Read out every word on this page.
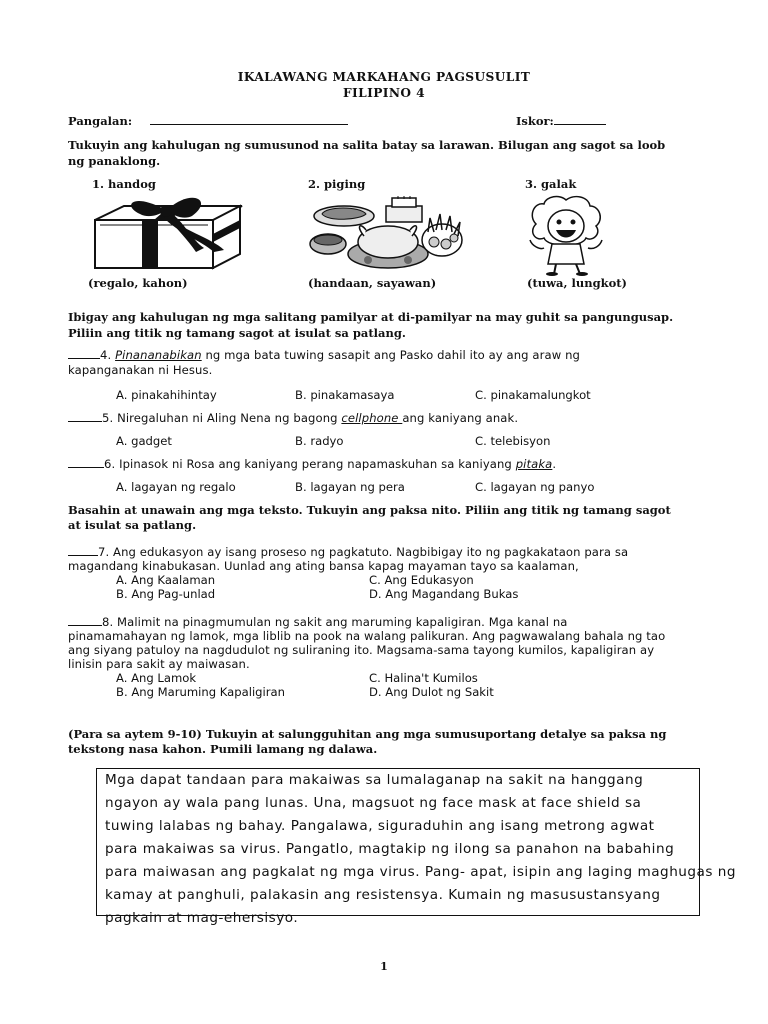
IKALAWANG MARKAHANG PAGSUSULIT
FILIPINO 4
Pangalan:	Iskor:
Tukuyin ang kahulugan ng sumusunod na salita batay sa larawan. Bilugan ang sagot sa loob
ng panaklong.
1. handog	2. piging	3. galak
(regalo, kahon)	(handaan, sayawan)	(tuwa, lungkot)
Ibigay ang kahulugan ng mga salitang pamilyar at di-pamilyar na may guhit sa pangungusap.
Piliin ang titik ng tamang sagot at isulat sa patlang.
4. Pinananabikan ng mga bata tuwing sasapit ang Pasko dahil ito ay ang araw ng
kapanganakan ni Hesus.
A. pinakahihintay	B. pinakamasaya	C. pinakamalungkot
5. Niregaluhan ni Aling Nena ng bagong cellphone ang kaniyang anak.
A. gadget	B. radyo	C. telebisyon
6. Ipinasok ni Rosa ang kaniyang perang napamaskuhan sa kaniyang pitaka.
A. lagayan ng regalo	B. lagayan ng pera	C. lagayan ng panyo
Basahin at unawain ang mga teksto. Tukuyin ang paksa nito. Piliin ang titik ng tamang sagot
at isulat sa patlang.
7. Ang edukasyon ay isang proseso ng pagkatuto. Nagbibigay ito ng pagkakataon para sa
magandang kinabukasan. Uunlad ang ating bansa kapag mayaman tayo sa kaalaman,
A. Ang Kaalaman	C. Ang Edukasyon
B. Ang Pag-unlad	D. Ang Magandang Bukas
8. Malimit na pinagmumulan ng sakit ang maruming kapaligiran. Mga kanal na
pinamamahayan ng lamok, mga liblib na pook na walang palikuran. Ang pagwawalang bahala ng tao
ang siyang patuloy na nagdudulot ng suliraning ito. Magsama-sama tayong kumilos, kapaligiran ay
linisin para sakit ay maiwasan.
A. Ang Lamok	C. Halina't Kumilos
B. Ang Maruming Kapaligiran	D. Ang Dulot ng Sakit
(Para sa aytem 9-10) Tukuyin at salungguhitan ang mga sumusuportang detalye sa paksa ng
tekstong nasa kahon. Pumili lamang ng dalawa.

Mga dapat tandaan para makaiwas sa lumalaganap na sakit na hanggang

ngayon ay wala pang lunas. Una, magsuot ng face mask at face shield sa

tuwing lalabas ng bahay. Pangalawa, siguraduhin ang isang metrong agwat

para makaiwas sa virus. Pangatlo, magtakip ng ilong sa panahon na babahing

para maiwasan ang pagkalat ng mga virus. Pang- apat, isipin ang laging maghugas ng

kamay at panghuli, palakasin ang resistensya. Kumain ng masusustansyang

pagkain at mag-ehersisyo.

1
